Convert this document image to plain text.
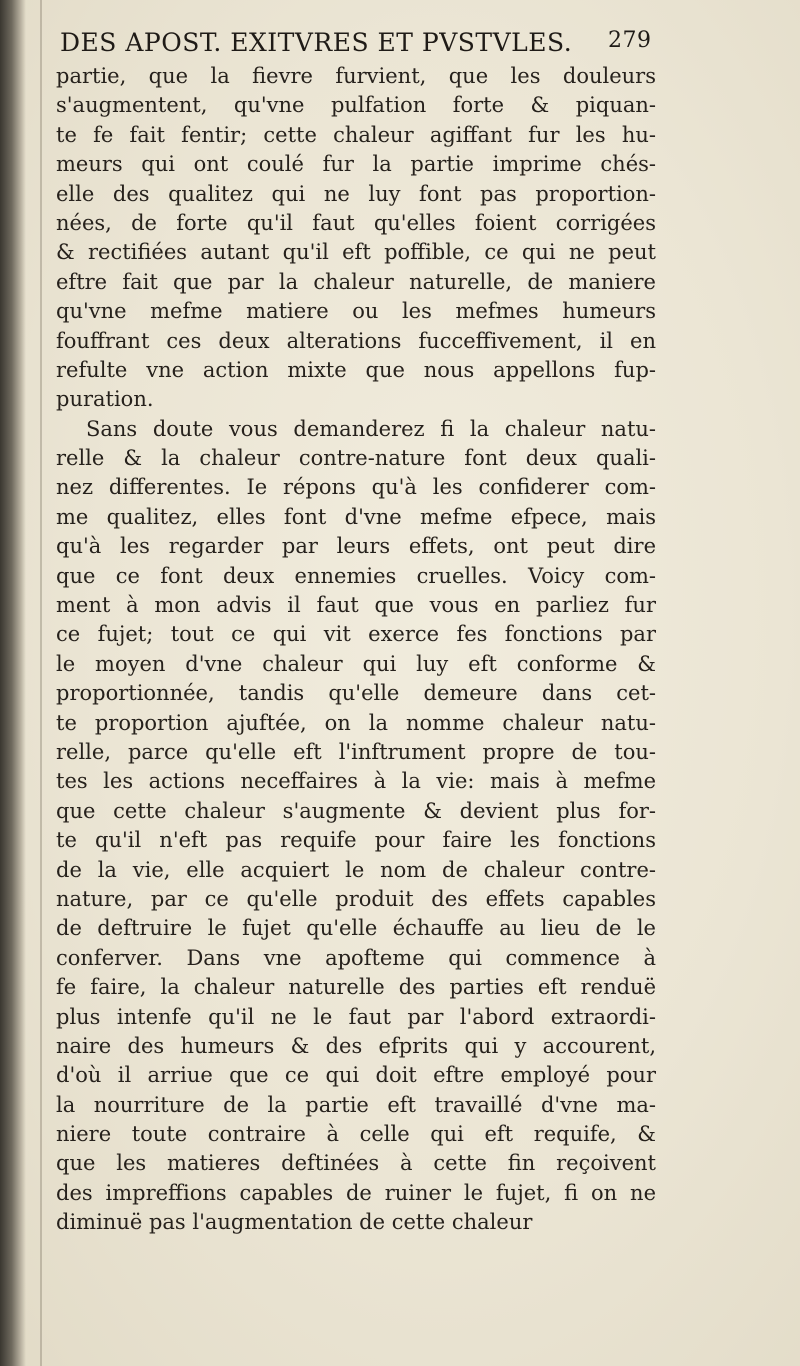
DES APOST. EXITVRES ET PVSTVLES. 279
partie, que la fievre furvient, que les douleurs
s'augmentent, qu'vne pulfation forte & piquan-
te fe fait fentir; cette chaleur agiffant fur les hu-
meurs qui ont coulé fur la partie imprime chés-
elle des qualitez qui ne luy font pas proportion-
nées, de forte qu'il faut qu'elles foient corrigées
& rectifiées autant qu'il eft poffible, ce qui ne peut
eftre fait que par la chaleur naturelle, de maniere
qu'vne mefme matiere ou les mefmes humeurs
fouffrant ces deux alterations fucceffivement, il en
refulte vne action mixte que nous appellons fup-
puration.
Sans doute vous demanderez fi la chaleur natu-
relle & la chaleur contre-nature font deux quali-
nez differentes. Ie répons qu'à les confiderer com-
me qualitez, elles font d'vne mefme efpece, mais
qu'à les regarder par leurs effets, ont peut dire
que ce font deux ennemies cruelles. Voicy com-
ment à mon advis il faut que vous en parliez fur
ce fujet; tout ce qui vit exerce fes fonctions par
le moyen d'vne chaleur qui luy eft conforme &
proportionnée, tandis qu'elle demeure dans cet-
te proportion ajuftée, on la nomme chaleur natu-
relle, parce qu'elle eft l'inftrument propre de tou-
tes les actions neceffaires à la vie: mais à mefme
que cette chaleur s'augmente & devient plus for-
te qu'il n'eft pas requife pour faire les fonctions
de la vie, elle acquiert le nom de chaleur contre-
nature, par ce qu'elle produit des effets capables
de deftruire le fujet qu'elle échauffe au lieu de le
conferver. Dans vne apofteme qui commence à
fe faire, la chaleur naturelle des parties eft renduë
plus intenfe qu'il ne le faut par l'abord extraordi-
naire des humeurs & des efprits qui y accourent,
d'où il arriue que ce qui doit eftre employé pour
la nourriture de la partie eft travaillé d'vne ma-
niere toute contraire à celle qui eft requife, &
que les matieres deftinées à cette fin reçoivent
des impreffions capables de ruiner le fujet, fi on ne
diminuë pas l'augmentation de cette chaleur
